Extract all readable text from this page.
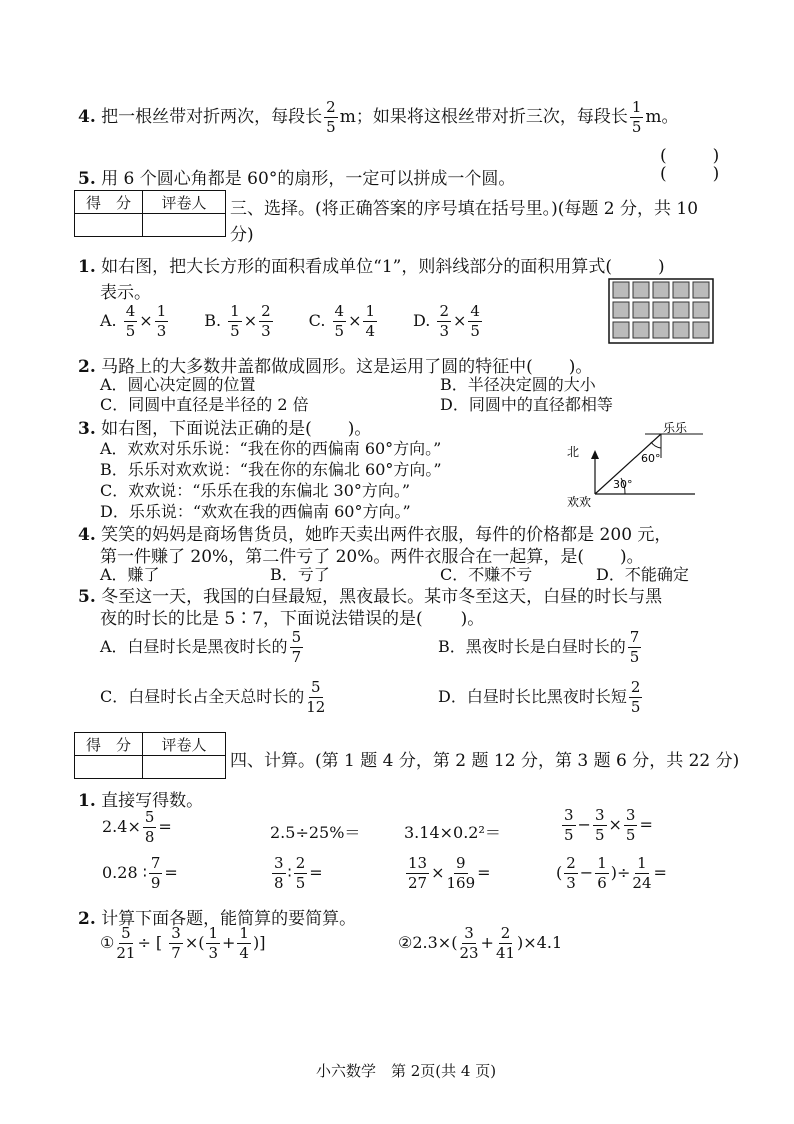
4. 把一根丝带对折两次，每段长 $\frac{2}{5}$ m；如果将这根丝带对折三次，每段长 $\frac{1}{5}$ m。
(	)
5. 用 6 个圆心角都是 60°的扇形，一定可以拼成一个圆。	(	)
得　分	评卷人
	三、选择。(将正确答案的序号填在括号里。)(每题 2 分，共 10
分)
1. 如右图，把大长方形的面积看成单位“1”，则斜线部分的面积用算式(	)
表示。
A. $\frac{4}{5} \times \frac{1}{3} B$. $\frac{1}{5} \times \frac{2}{3} C$. $\frac{4}{5} \times \frac{1}{4} D$. $\frac{2}{3} \times \frac{4}{5}$
2. 马路上的大多数井盖都做成圆形。这是运用了圆的特征中( )。
A．圆心决定圆的位置	B．半径决定圆的大小
C．同圆中直径是半径的 2 倍	D．同圆中的直径都相等
3. 如右图，下面说法正确的是( )。
A．欢欢对乐乐说：“我在你的西偏南 60°方向。”
B．乐乐对欢欢说：“我在你的东偏北 60°方向。”
C．欢欢说：“乐乐在我的东偏北 30°方向。”
D．乐乐说：“欢欢在我的西偏南 60°方向。”
北
乐乐
欢欢
30°
60°
4. 笑笑的妈妈是商场售货员，她昨天卖出两件衣服，每件的价格都是 200 元，
第一件赚了 20%，第二件亏了 20%。两件衣服合在一起算，是( )。
A．赚了	B．亏了	C．不赚不亏	D．不能确定
5. 冬至这一天，我国的白昼最短，黑夜最长。某市冬至这天，白昼的时长与黑
夜的时长的比是 5∶7，下面说法错误的是( )。
A．白昼时长是黑夜时长的 $\frac{5}{7}$	B．黑夜时长是白昼时长的 $\frac{7}{5}$
C．白昼时长占全天总时长的 $\frac{5}{12}$	D．白昼时长比黑夜时长短 $\frac{2}{5}$
得　分	评卷人

四、计算。(第 1 题 4 分，第 2 题 12 分，第 3 题 6 分，共 22 分)
1. 直接写得数。
$2.4\times \frac{5}{8}$ =	2.5÷25%＝	3.14×0.2²＝	$\frac{3}{5} - \frac{3}{5} \times \frac{3}{5}$ =
0.28 ∶ $\frac{7}{9}$ =	$\frac{3}{8}$ ∶ $\frac{2}{5}$ =	$\frac{13}{27} \times \frac{9}{169}$ =	( $\frac{2}{3} - \frac{1}{6}$ )÷ $\frac{1}{24}$ =
2. 计算下面各题，能简算的要简算。
① $\frac{5}{21}$ ÷ [ $\frac{3}{7}$ ×( $\frac{1}{3} + \frac{1}{4}$ )]	②2.3×( $\frac{3}{23} + \frac{2}{41} )\times 4.1$
小六数学　第 2页(共 4 页)
